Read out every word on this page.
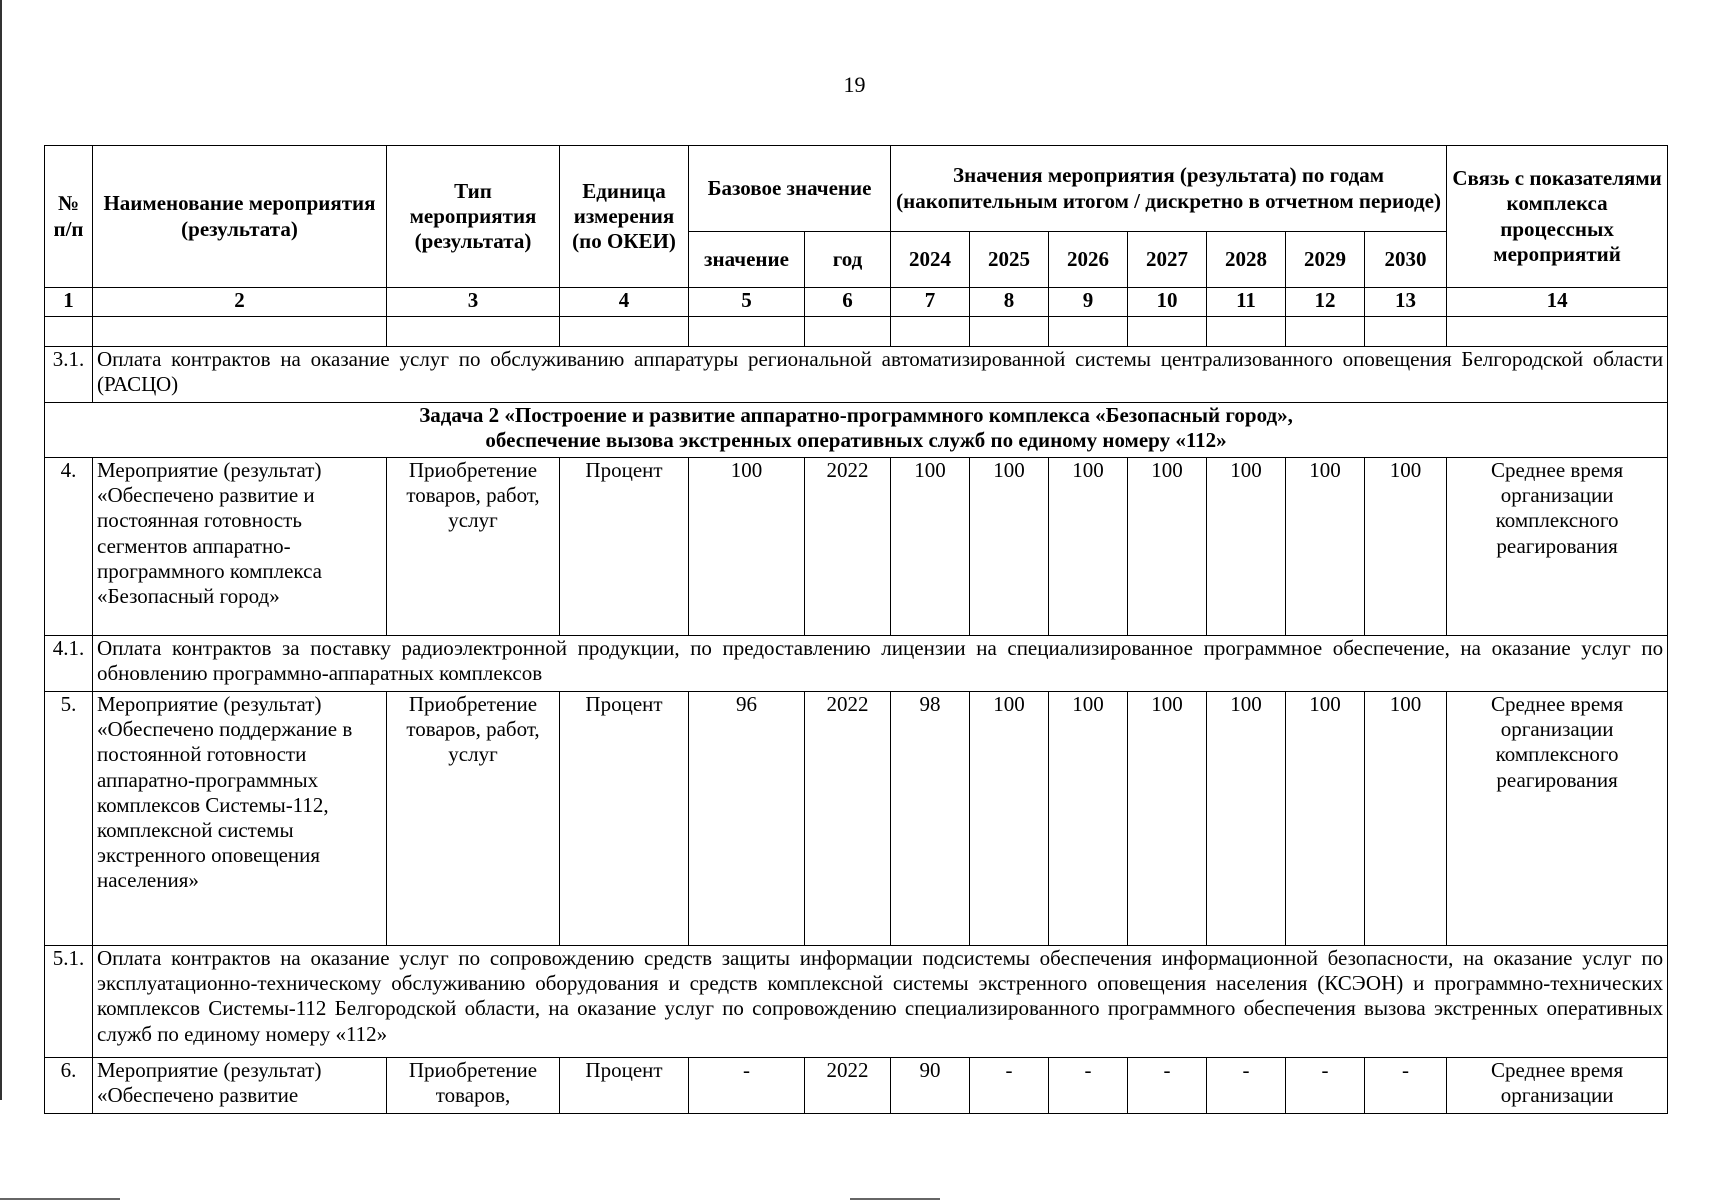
19
№ п/п	Наименование мероприятия (результата)	Тип мероприятия (результата)	Единица измерения (по ОКЕИ)	Базовое значение		Значения мероприятия (результата) по годам (накопительным итогом / дискретно в отчетном периоде)							Связь с показателями комплекса процессных мероприятий
				значение	год	2024	2025	2026	2027	2028	2029	2030	
1	2	3	4	5	6	7	8	9	10	11	12	13	14

3.1.	Оплата контрактов на оказание услуг по обслуживанию аппаратуры региональной автоматизированной системы централизованного оповещения Белгородской области (РАСЦО)												

Задача 2 «Построение и развитие аппаратно-программного комплекса «Безопасный город»,
обеспечение вызова экстренных оперативных служб по единому номеру «112»													

4.	Мероприятие (результат) «Обеспечено развитие и постоянная готовность сегментов аппаратно-программного комплекса «Безопасный город»	Приобретение товаров, работ, услуг	Процент	100	2022	100	100	100	100	100	100	100	Среднее время организации комплексного реагирования
4.1.	Оплата контрактов за поставку радиоэлектронной продукции, по предоставлению лицензии на специализированное программное обеспечение, на оказание услуг по обновлению программно-аппаратных комплексов												
5.	Мероприятие (результат) «Обеспечено поддержание в постоянной готовности аппаратно-программных комплексов Системы-112, комплексной системы экстренного оповещения населения»	Приобретение товаров, работ, услуг	Процент	96	2022	98	100	100	100	100	100	100	Среднее время организации комплексного реагирования
5.1.	Оплата контрактов на оказание услуг по сопровождению средств защиты информации подсистемы обеспечения информационной безопасности, на оказание услуг по эксплуатационно-техническому обслуживанию оборудования и средств комплексной системы экстренного оповещения населения (КСЭОН) и программно-технических комплексов Системы-112 Белгородской области, на оказание услуг по сопровождению специализированного программного обеспечения вызова экстренных оперативных служб по единому номеру «112»												
6.	Мероприятие (результат) «Обеспечено развитие	Приобретение товаров,	Процент	-	2022	90	-	-	-	-	-	-	Среднее время организации
